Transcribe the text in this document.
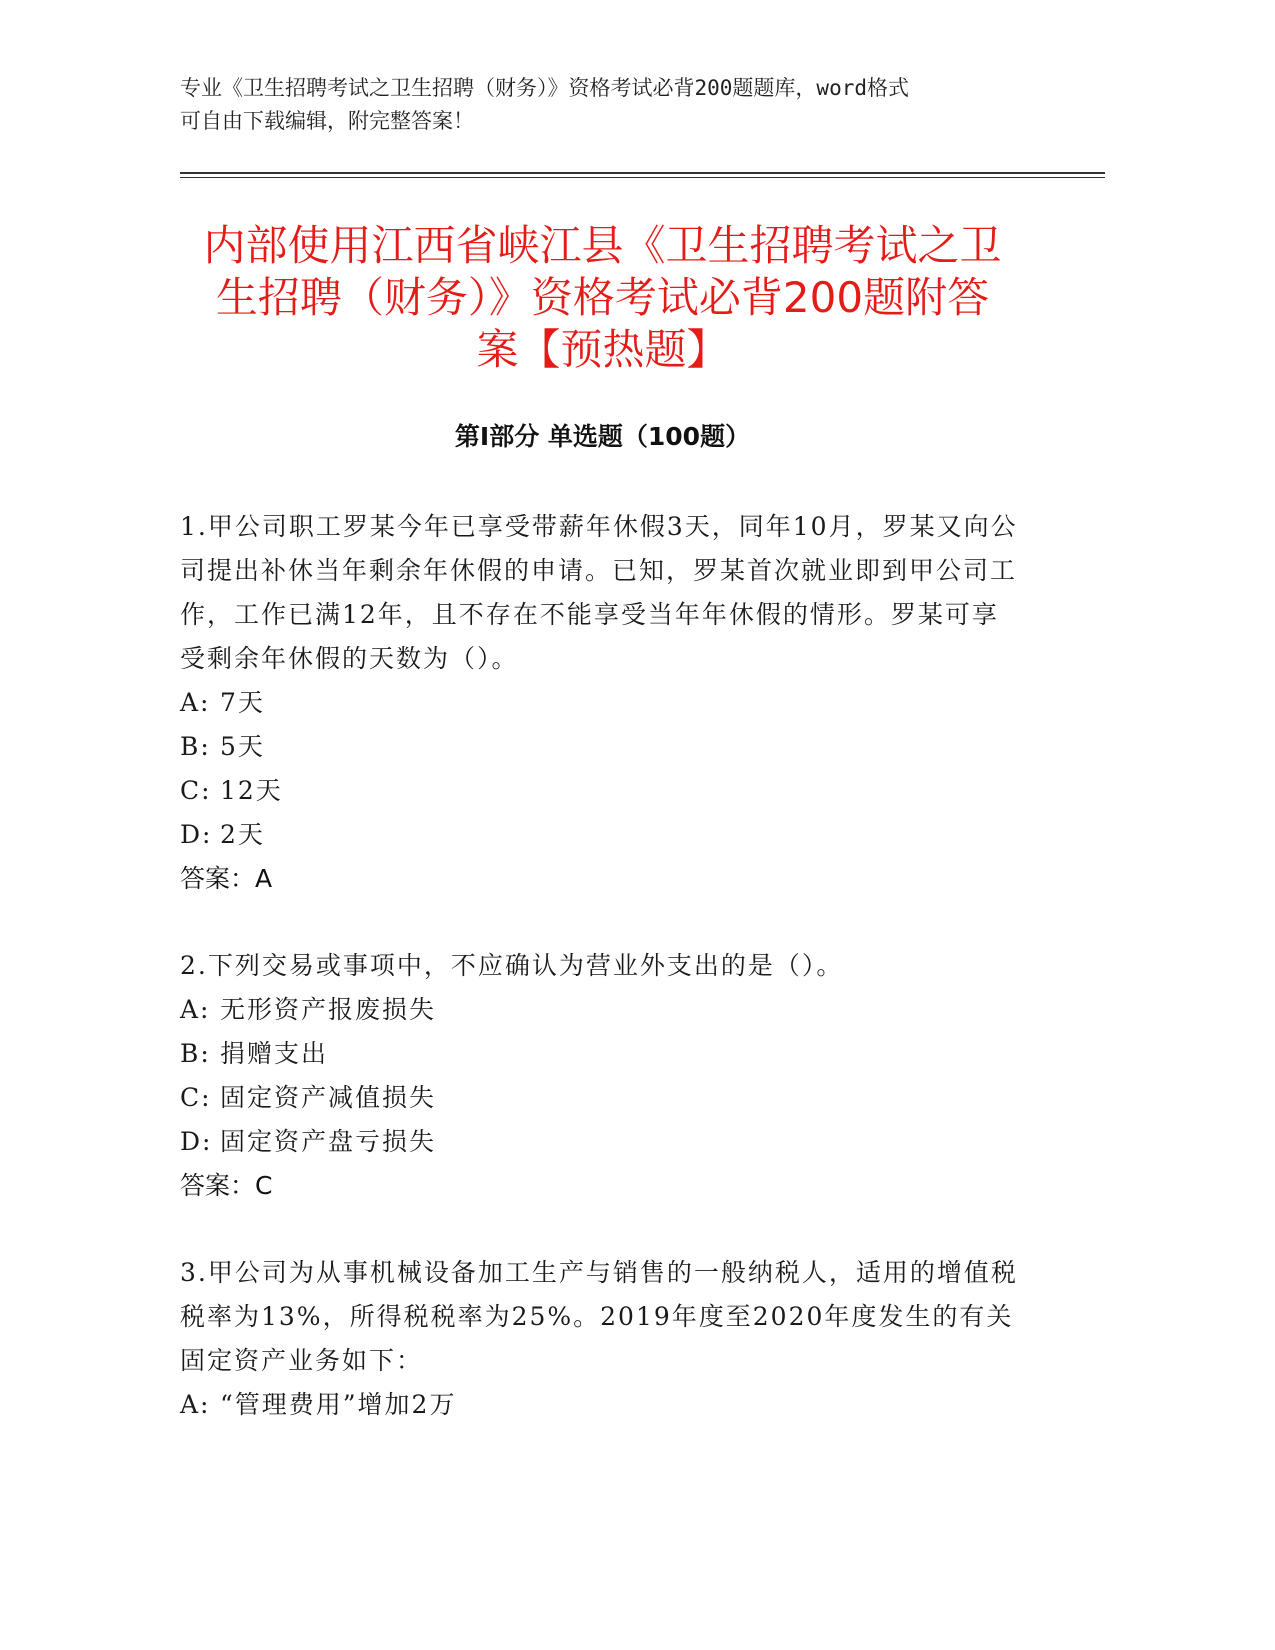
专业《卫生招聘考试之卫生招聘（财务）》资格考试必背200题题库，word格式
可自由下载编辑，附完整答案！
内部使用江西省峡江县《卫生招聘考试之卫
生招聘（财务）》资格考试必背200题附答
案【预热题】
第Ⅰ部分 单选题（100题）

1.甲公司职工罗某今年已享受带薪年休假3天，同年10月，罗某又向公司提出补休当年剩余年休假的申请。已知，罗某首次就业即到甲公司工作，工作已满12年，且不存在不能享受当年年休假的情形。罗某可享受剩余年休假的天数为（）。

A: 7天

B: 5天

C: 12天

D: 2天

答案：A

2.下列交易或事项中，不应确认为营业外支出的是（）。

A: 无形资产报废损失

B: 捐赠支出

C: 固定资产减值损失

D: 固定资产盘亏损失

答案：C

3.甲公司为从事机械设备加工生产与销售的一般纳税人，适用的增值税税率为13%，所得税税率为25%。2019年度至2020年度发生的有关固定资产业务如下：

A: “管理费用”增加2万
